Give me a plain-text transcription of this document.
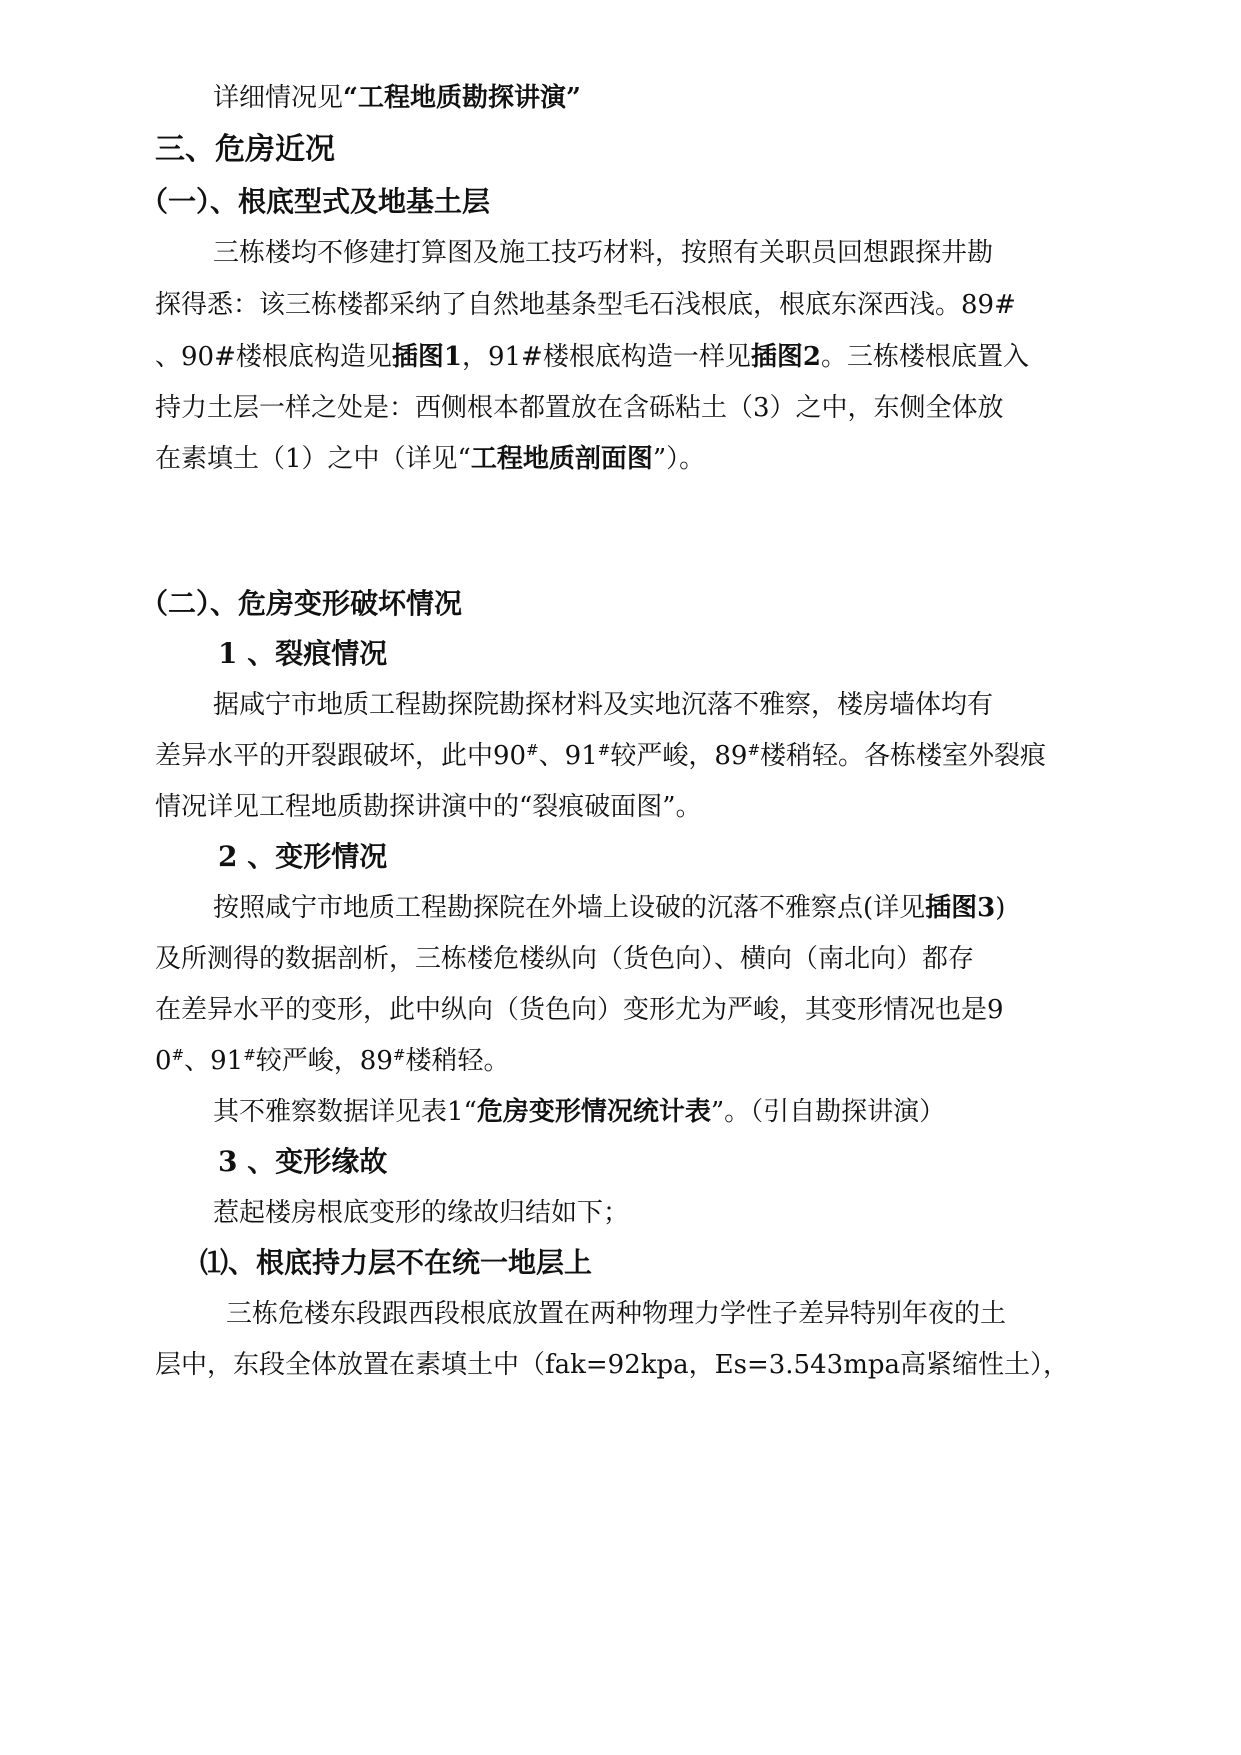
详细情况见“工程地质勘探讲演”
三、危房近况
（一）、根底型式及地基土层
三栋楼均不修建打算图及施工技巧材料，按照有关职员回想跟探井勘
探得悉：该三栋楼都采纳了自然地基条型毛石浅根底，根底东深西浅。89#
、90#楼根底构造见插图1，91#楼根底构造一样见插图2。三栋楼根底置入
持力土层一样之处是：西侧根本都置放在含砾粘土（3）之中，东侧全体放
在素填土（1）之中（详见“工程地质剖面图”）。
（二）、危房变形破坏情况
1 、裂痕情况
据咸宁市地质工程勘探院勘探材料及实地沉落不雅察，楼房墙体均有
差异水平的开裂跟破坏，此中90#、91#较严峻，89#楼稍轻。各栋楼室外裂痕
情况详见工程地质勘探讲演中的“裂痕破面图”。
2 、变形情况
按照咸宁市地质工程勘探院在外墙上设破的沉落不雅察点(详见插图3)
及所测得的数据剖析，三栋楼危楼纵向（货色向）、横向（南北向）都存
在差异水平的变形，此中纵向（货色向）变形尤为严峻，其变形情况也是9
0#、91#较严峻，89#楼稍轻。
其不雅察数据详见表1“危房变形情况统计表”。（引自勘探讲演）
3 、变形缘故
惹起楼房根底变形的缘故归结如下；
⑴、根底持力层不在统一地层上
三栋危楼东段跟西段根底放置在两种物理力学性子差异特别年夜的土
层中，东段全体放置在素填土中（fak=92kpa，Es=3.543mpa高紧缩性土），
